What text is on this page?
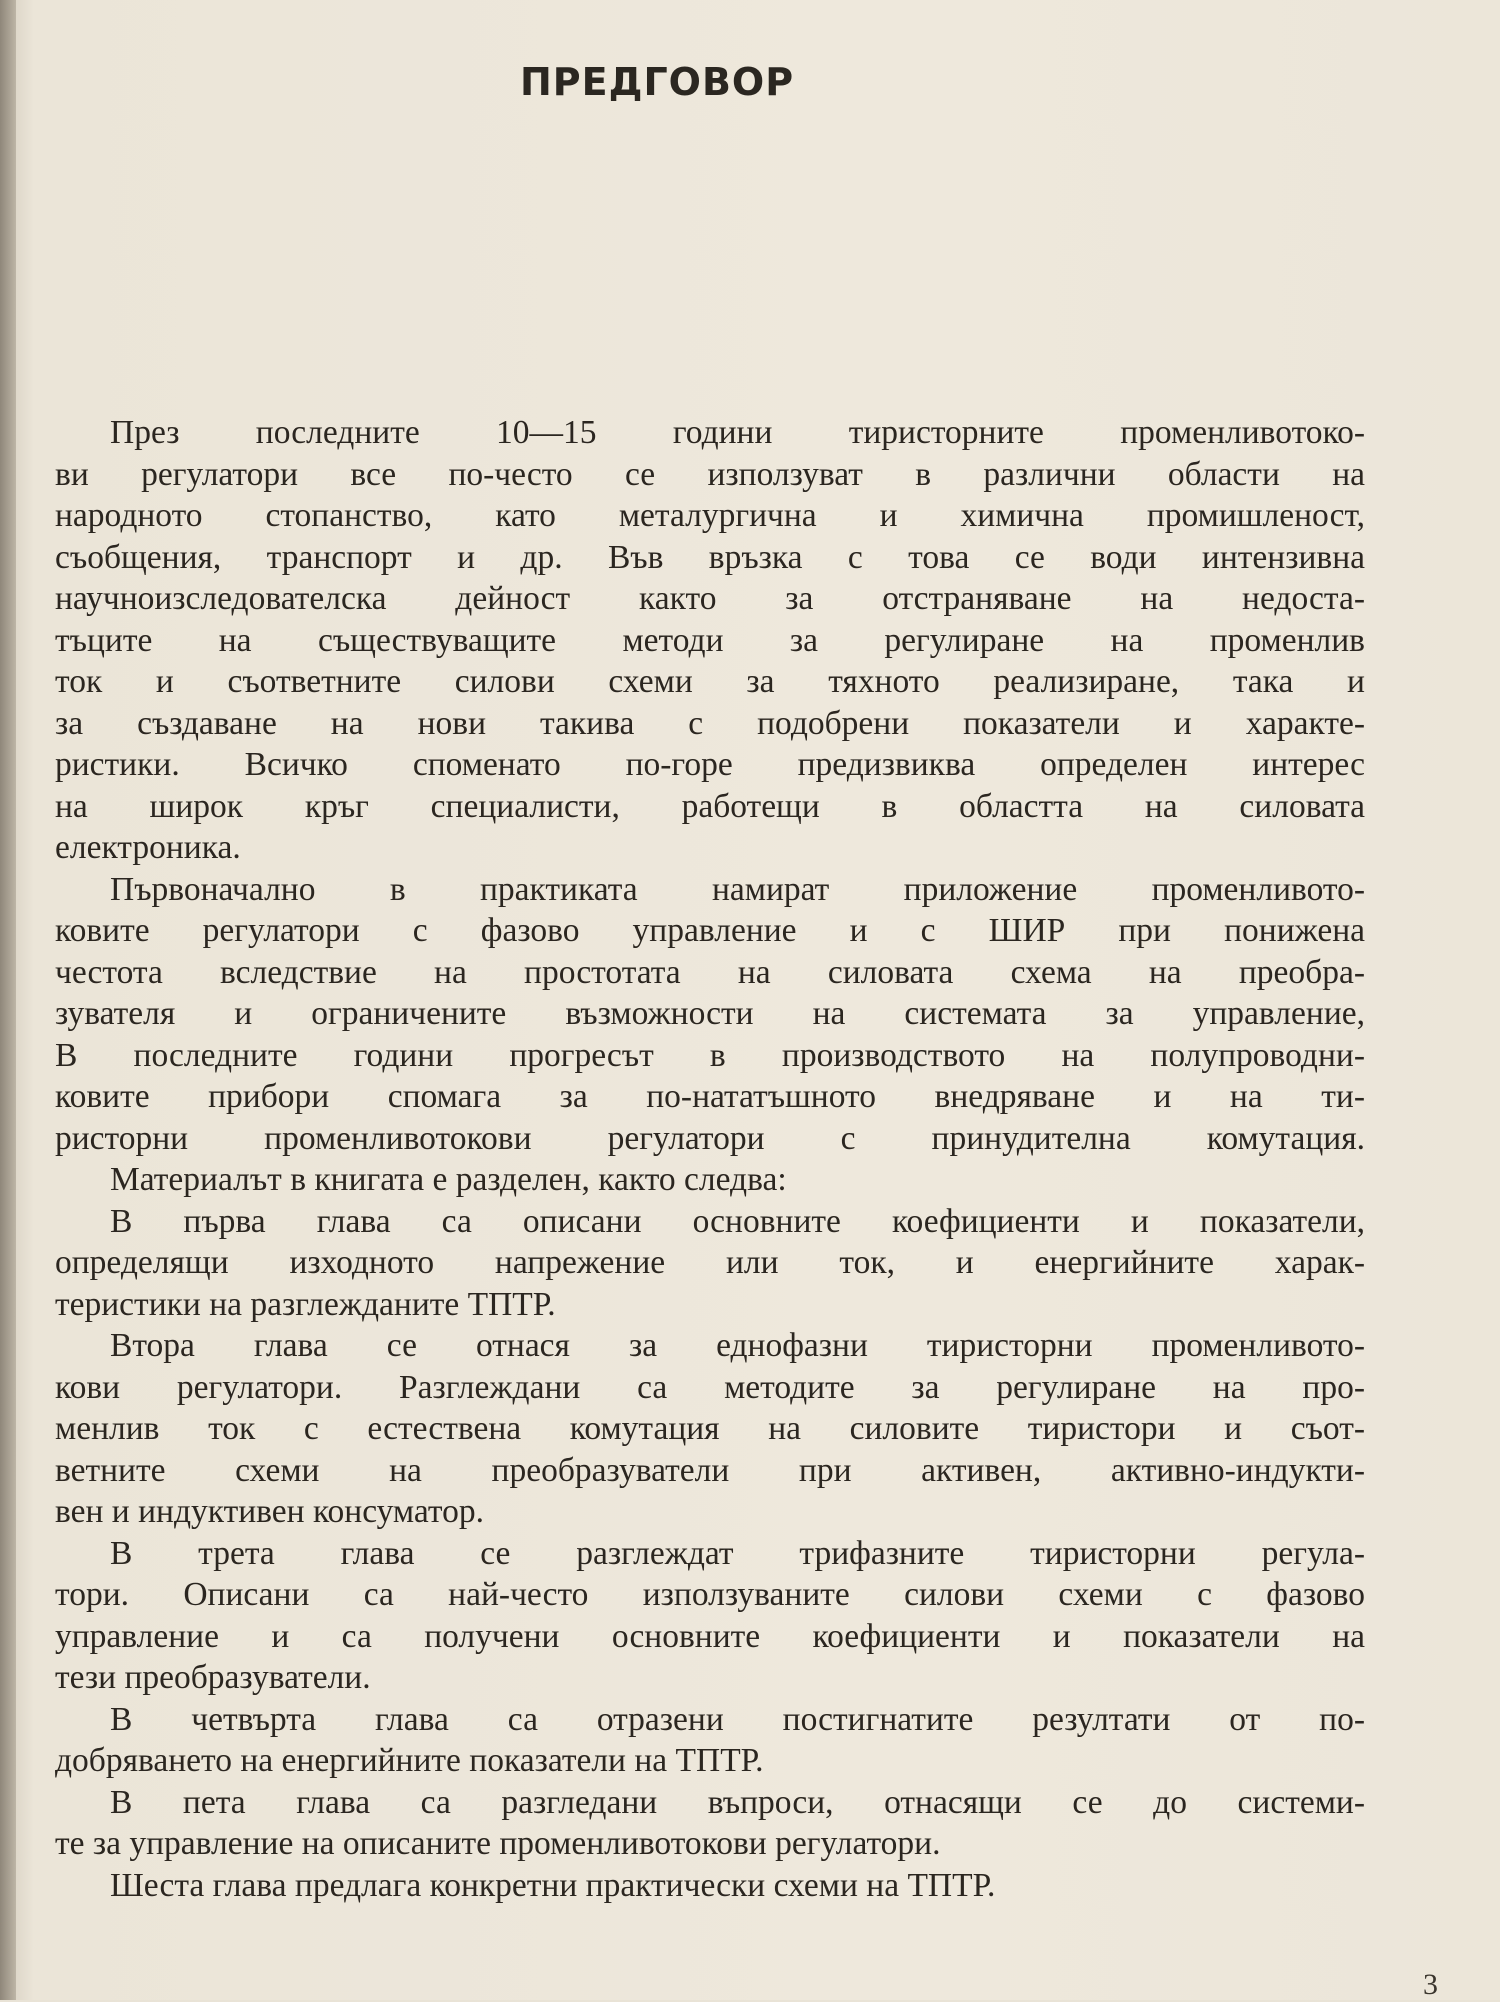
ПРЕДГОВОР
През последните 10—15 години тиристорните променливотоко-
ви регулатори все по-често се използуват в различни области на
народното стопанство, като металургична и химична промишленост,
съобщения, транспорт и др. Във връзка с това се води интензивна
научноизследователска дейност както за отстраняване на недоста-
тъците на съществуващите методи за регулиране на променлив
ток и съответните силови схеми за тяхното реализиране, така и
за създаване на нови такива с подобрени показатели и характе-
ристики. Всичко споменато по-горе предизвиква определен интерес
на широк кръг специалисти, работещи в областта на силовата
електроника.
Първоначално в практиката намират приложение променливото-
ковите регулатори с фазово управление и с ШИР при понижена
честота вследствие на простотата на силовата схема на преобра-
зувателя и ограничените възможности на системата за управление,
В последните години прогресът в производството на полупроводни-
ковите прибори спомага за по-нататъшното внедряване и на ти-
ристорни променливотокови регулатори с принудителна комутация.
Материалът в книгата е разделен, както следва:
В първа глава са описани основните коефициенти и показатели,
определящи изходното напрежение или ток, и енергийните харак-
теристики на разглежданите ТПТР.
Втора глава се отнася за еднофазни тиристорни променливото-
кови регулатори. Разглеждани са методите за регулиране на про-
менлив ток с естествена комутация на силовите тиристори и съот-
ветните схеми на преобразуватели при активен, активно-индукти-
вен и индуктивен консуматор.
В трета глава се разглеждат трифазните тиристорни регула-
тори. Описани са най-често използуваните силови схеми с фазово
управление и са получени основните коефициенти и показатели на
тези преобразуватели.
В четвърта глава са отразени постигнатите резултати от по-
добряването на енергийните показатели на ТПТР.
В пета глава са разгледани въпроси, отнасящи се до системи-
те за управление на описаните променливотокови регулатори.
Шеста глава предлага конкретни практически схеми на ТПТР.
3
